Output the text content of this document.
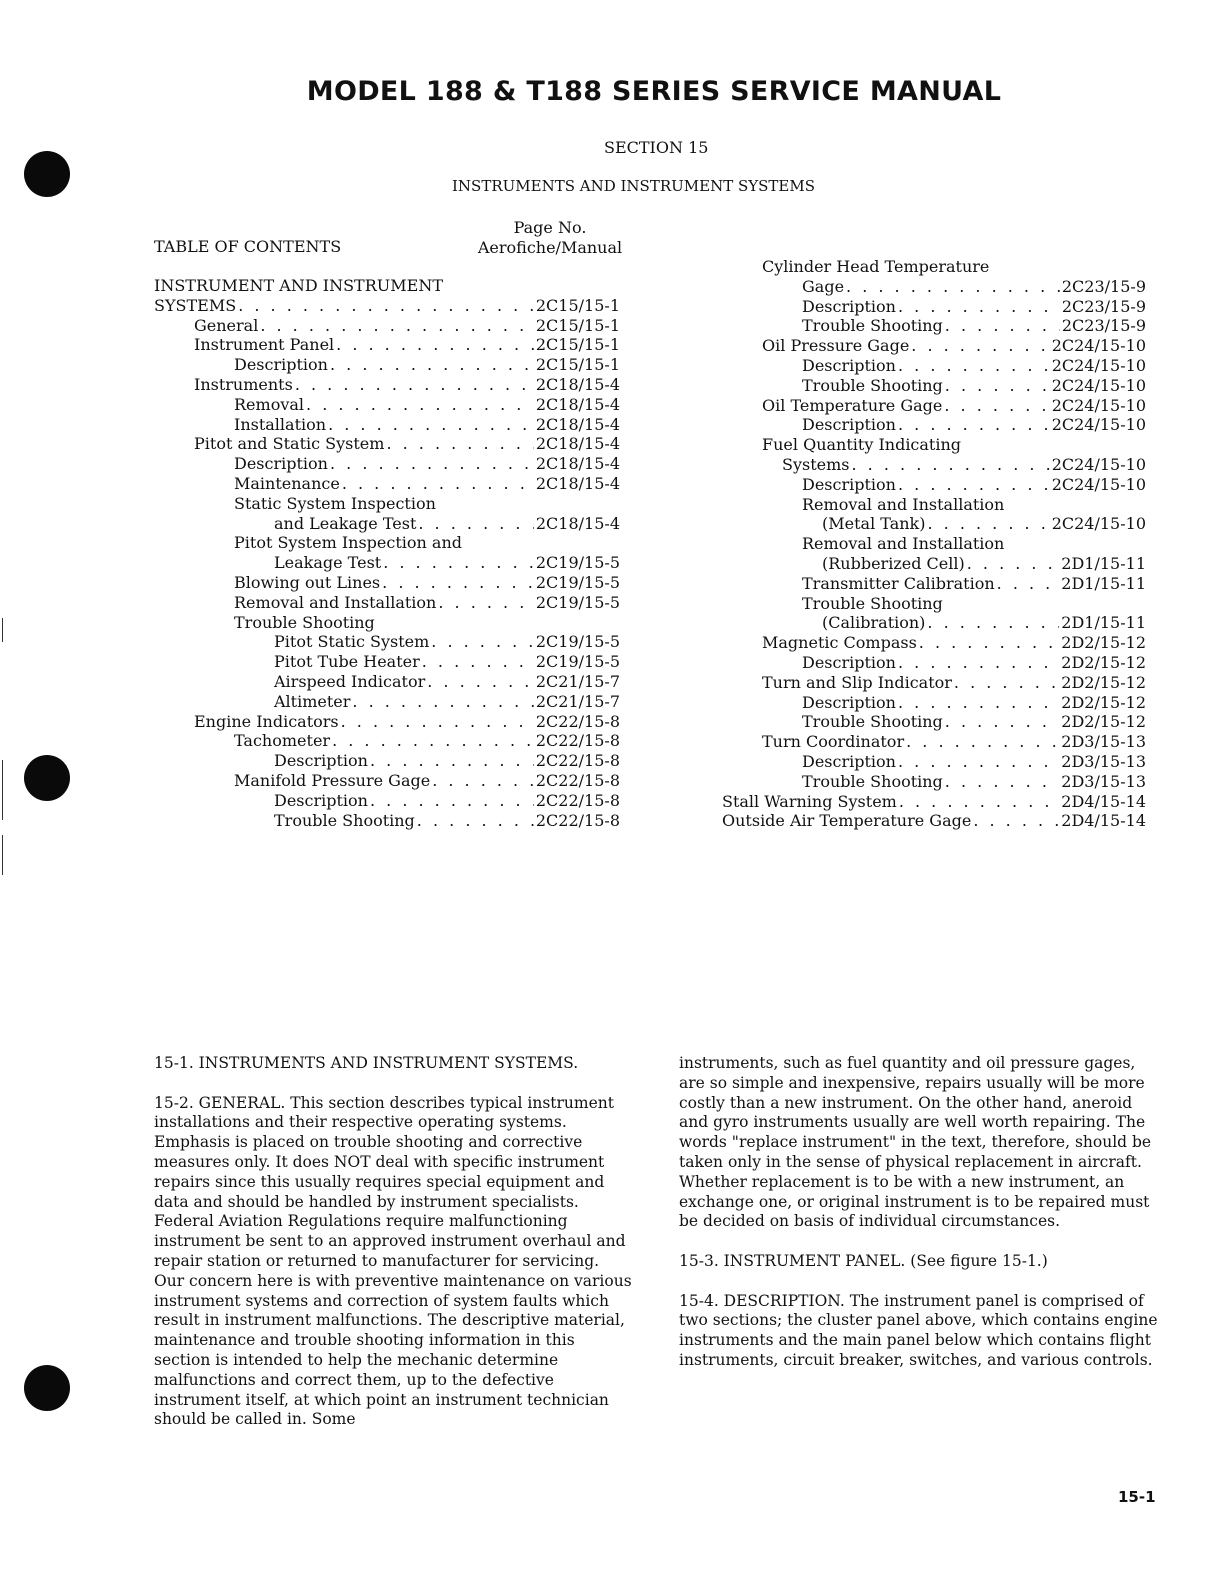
MODEL 188 & T188 SERIES SERVICE MANUAL
SECTION 15
INSTRUMENTS AND INSTRUMENT SYSTEMS
TABLE OF CONTENTS
Page No.
Aerofiche/Manual
INSTRUMENT AND INSTRUMENT
SYSTEMS . . .	2C15/15-1
General . . .	2C15/15-1
Instrument Panel . . .	2C15/15-1
Description . . .	2C15/15-1
Instruments . . .	2C18/15-4
Removal . . .	2C18/15-4
Installation . . .	2C18/15-4
Pitot and Static System . . .	2C18/15-4
Description . . .	2C18/15-4
Maintenance . . .	2C18/15-4
Static System Inspection
and Leakage Test . . .	2C18/15-4
Pitot System Inspection and
Leakage Test . . .	2C19/15-5
Blowing out Lines . . .	2C19/15-5
Removal and Installation . . .	2C19/15-5
Trouble Shooting
Pitot Static System . . .	2C19/15-5
Pitot Tube Heater . . .	2C19/15-5
Airspeed Indicator . . .	2C21/15-7
Altimeter . . .	2C21/15-7
Engine Indicators . . .	2C22/15-8
Tachometer . . .	2C22/15-8
Description . . .	2C22/15-8
Manifold Pressure Gage . . .	2C22/15-8
Description . . .	2C22/15-8
Trouble Shooting . . .	2C22/15-8
Cylinder Head Temperature
Gage . . .	2C23/15-9
Description . . .	2C23/15-9
Trouble Shooting . . .	2C23/15-9
Oil Pressure Gage . . .	2C24/15-10
Description . . .	2C24/15-10
Trouble Shooting . . .	2C24/15-10
Oil Temperature Gage . . .	2C24/15-10
Description . . .	2C24/15-10
Fuel Quantity Indicating
Systems . . .	2C24/15-10
Description . . .	2C24/15-10
Removal and Installation
(Metal Tank) . . .	2C24/15-10
Removal and Installation
(Rubberized Cell) . . .	2D1/15-11
Transmitter Calibration . . .	2D1/15-11
Trouble Shooting
(Calibration) . . .	2D1/15-11
Magnetic Compass . . .	2D2/15-12
Description . . .	2D2/15-12
Turn and Slip Indicator . . .	2D2/15-12
Description . . .	2D2/15-12
Trouble Shooting . . .	2D2/15-12
Turn Coordinator . . .	2D3/15-13
Description . . .	2D3/15-13
Trouble Shooting . . .	2D3/15-13
Stall Warning System . . .	2D4/15-14
Outside Air Temperature Gage . . .	2D4/15-14

15-1. INSTRUMENTS AND INSTRUMENT SYSTEMS.

15-2. GENERAL. This section describes typical instrument installations and their respective operating systems. Emphasis is placed on trouble shooting and corrective measures only. It does NOT deal with specific instrument repairs since this usually requires special equipment and data and should be handled by instrument specialists. Federal Aviation Regulations require malfunctioning instrument be sent to an approved instrument overhaul and repair station or returned to manufacturer for servicing. Our concern here is with preventive maintenance on various instrument systems and correction of system faults which result in instrument malfunctions. The descriptive material, maintenance and trouble shooting information in this section is intended to help the mechanic determine malfunctions and correct them, up to the defective instrument itself, at which point an instrument technician should be called in. Some

instruments, such as fuel quantity and oil pressure gages, are so simple and inexpensive, repairs usually will be more costly than a new instrument. On the other hand, aneroid and gyro instruments usually are well worth repairing. The words "replace instrument" in the text, therefore, should be taken only in the sense of physical replacement in aircraft. Whether replacement is to be with a new instrument, an exchange one, or original instrument is to be repaired must be decided on basis of individual circumstances.

15-3. INSTRUMENT PANEL. (See figure 15-1.)

15-4. DESCRIPTION. The instrument panel is comprised of two sections; the cluster panel above, which contains engine instruments and the main panel below which contains flight instruments, circuit breaker, switches, and various controls.

15-1
